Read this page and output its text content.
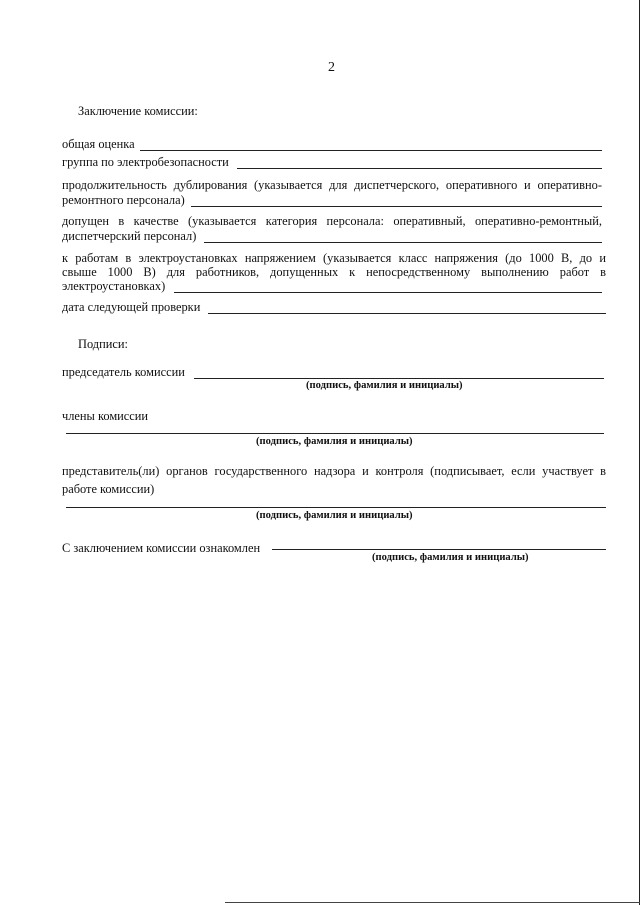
2
Заключение комиссии:
общая оценка
группа по электробезопасности
продолжительность дублирования (указывается для диспетчерского, оперативного и оперативно-
ремонтного персонала)
допущен в качестве (указывается категория персонала: оперативный, оперативно-ремонтный,
диспетчерский персонал)
к работам в электроустановках напряжением (указывается класс напряжения (до 1000 В, до и
свыше 1000 В) для работников, допущенных к непосредственному выполнению работ в
электроустановках)
дата следующей проверки
Подписи:
председатель комиссии
(подпись, фамилия и инициалы)
члены комиссии
(подпись, фамилия и инициалы)
представитель(ли) органов государственного надзора и контроля (подписывает, если участвует в
работе комиссии)
(подпись, фамилия и инициалы)
С заключением комиссии ознакомлен
(подпись, фамилия и инициалы)
